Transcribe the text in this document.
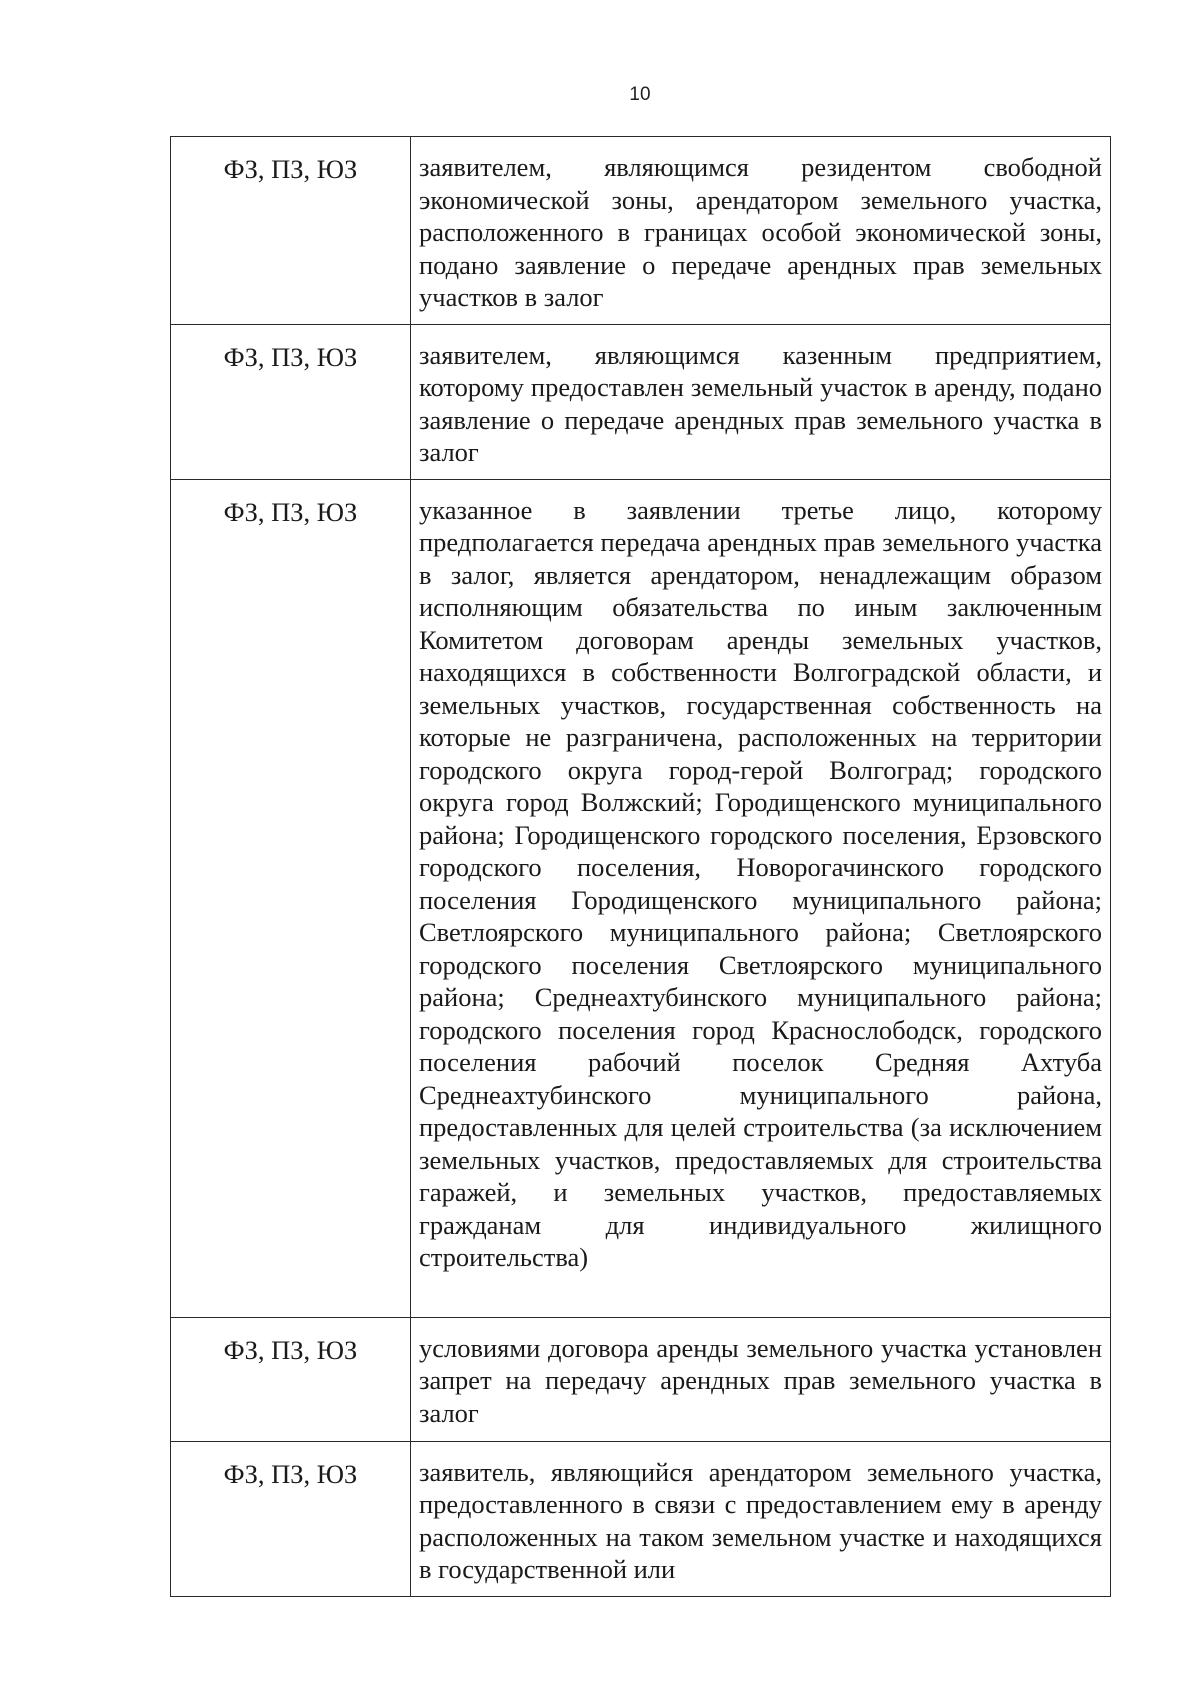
10
ФЗ, ПЗ, ЮЗ	заявителем, являющимся резидентом свободной экономической зоны, арендатором земельного участка, расположенного в границах особой экономической зоны, подано заявление о передаче арендных прав земельных участков в залог
ФЗ, ПЗ, ЮЗ	заявителем, являющимся казенным предприятием, которому предоставлен земельный участок в аренду, подано заявление о передаче арендных прав земельного участка в залог
ФЗ, ПЗ, ЮЗ	указанное в заявлении третье лицо, которому предполагается передача арендных прав земельного участка в залог, является арендатором, ненадлежащим образом исполняющим обязательства по иным заключенным Комитетом договорам аренды земельных участков, находящихся в собственности Волгоградской области, и земельных участков, государственная собственность на которые не разграничена, расположенных на территории городского округа город-герой Волгоград; городского округа город Волжский; Городищенского муниципального района; Городищенского городского поселения, Ерзовского городского поселения, Новорогачинского городского поселения Городищенского муниципального района; Светлоярского муниципального района; Светлоярского городского поселения Светлоярского муниципального района; Среднеахтубинского муниципального района; городского поселения город Краснослободск, городского поселения рабочий поселок Средняя Ахтуба Среднеахтубинского муниципального района, предоставленных для целей строительства (за исключением земельных участков, предоставляемых для строительства гаражей, и земельных участков, предоставляемых гражданам для индивидуального жилищного строительства)
ФЗ, ПЗ, ЮЗ	условиями договора аренды земельного участка установлен запрет на передачу арендных прав земельного участка в залог
ФЗ, ПЗ, ЮЗ	заявитель, являющийся арендатором земельного участка, предоставленного в связи с предоставлением ему в аренду расположенных на таком земельном участке и находящихся в государственной или
